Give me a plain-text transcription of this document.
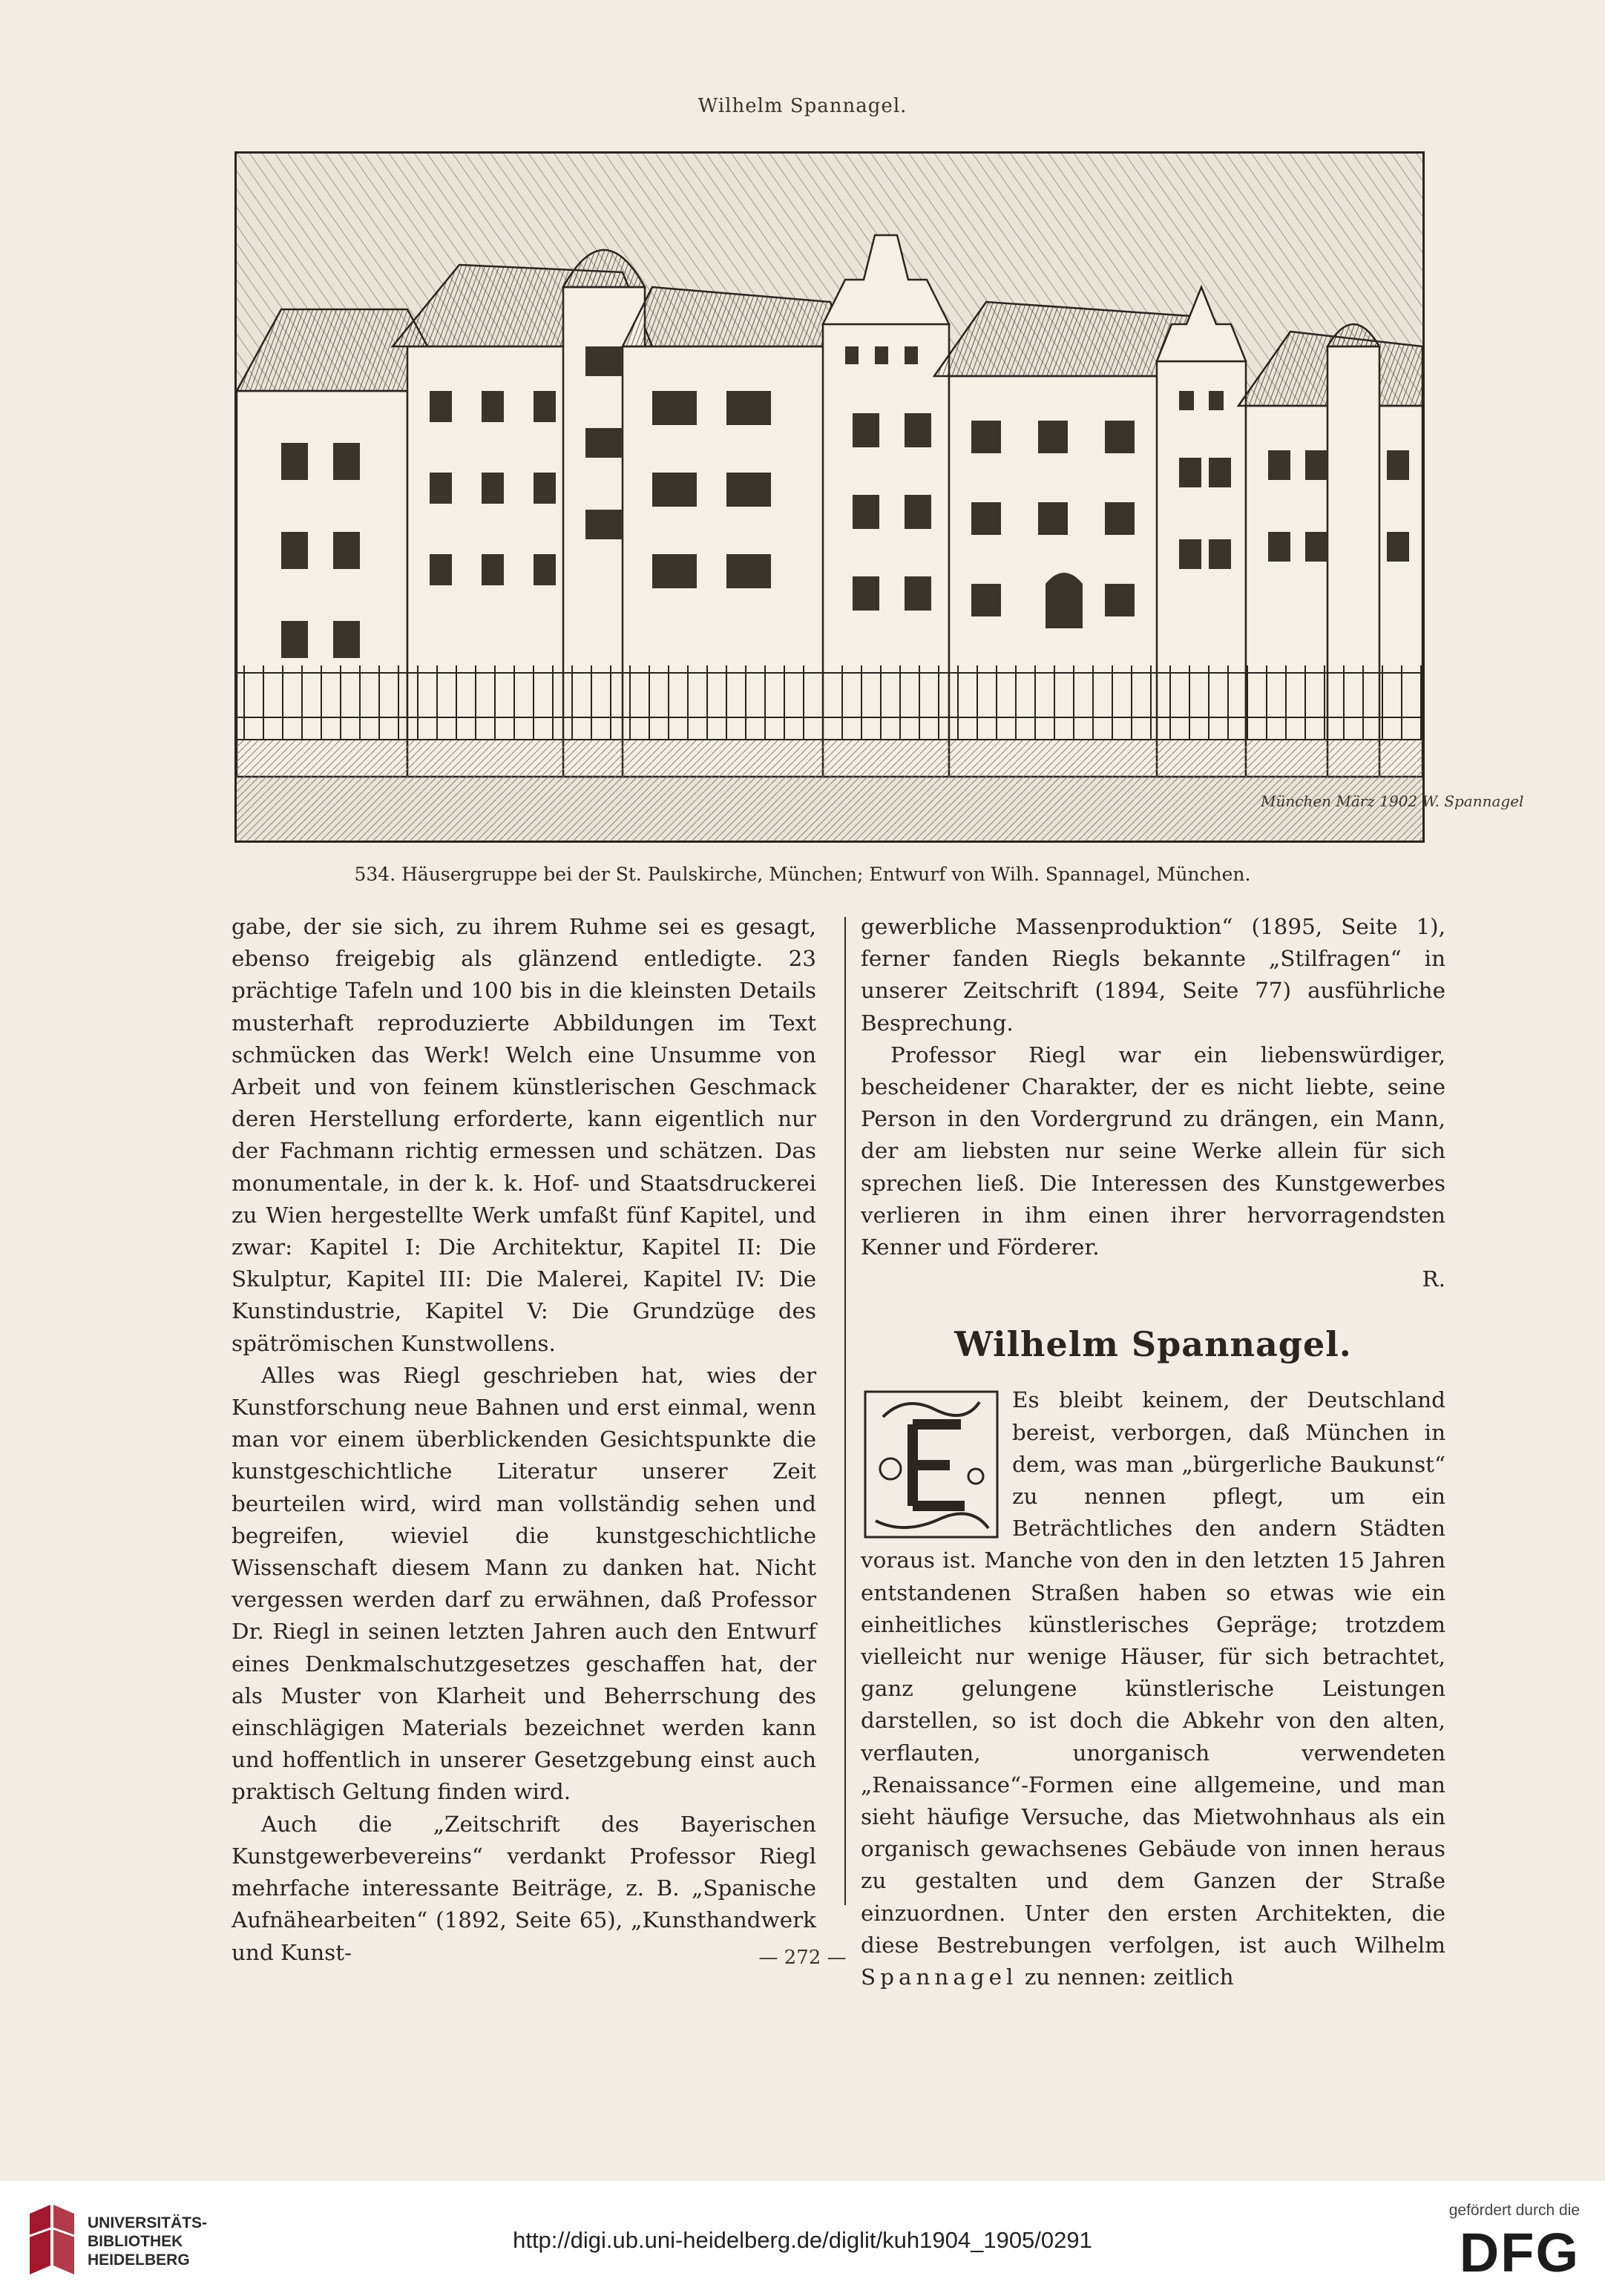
Wilhelm Spannagel.
München März 1902 W. Spannagel
534. Häusergruppe bei der St. Paulskirche, München; Entwurf von Wilh. Spannagel, München.

gabe, der sie sich, zu ihrem Ruhme sei es gesagt, ebenso freigebig als glänzend entledigte. 23 prächtige Tafeln und 100 bis in die kleinsten Details musterhaft reproduzierte Abbildungen im Text schmücken das Werk! Welch eine Unsumme von Arbeit und von feinem künstlerischen Geschmack deren Herstellung erforderte, kann eigentlich nur der Fachmann richtig ermessen und schätzen. Das monumentale, in der k. k. Hof- und Staatsdruckerei zu Wien hergestellte Werk umfaßt fünf Kapitel, und zwar: Kapitel I: Die Architektur, Kapitel II: Die Skulptur, Kapitel III: Die Malerei, Kapitel IV: Die Kunstindustrie, Kapitel V: Die Grundzüge des spätrömischen Kunstwollens.

Alles was Riegl geschrieben hat, wies der Kunstforschung neue Bahnen und erst einmal, wenn man vor einem überblickenden Gesichtspunkte die kunstgeschichtliche Literatur unserer Zeit beurteilen wird, wird man vollständig sehen und begreifen, wieviel die kunstgeschichtliche Wissenschaft diesem Mann zu danken hat. Nicht vergessen werden darf zu erwähnen, daß Professor Dr. Riegl in seinen letzten Jahren auch den Entwurf eines Denkmalschutzgesetzes geschaffen hat, der als Muster von Klarheit und Beherrschung des einschlägigen Materials bezeichnet werden kann und hoffentlich in unserer Gesetzgebung einst auch praktisch Geltung finden wird.

Auch die „Zeitschrift des Bayerischen Kunstgewerbevereins“ verdankt Professor Riegl mehrfache interessante Beiträge, z. B. „Spanische Aufnähearbeiten“ (1892, Seite 65), „Kunsthandwerk und Kunst-

gewerbliche Massenproduktion“ (1895, Seite 1), ferner fanden Riegls bekannte „Stilfragen“ in unserer Zeitschrift (1894, Seite 77) ausführliche Besprechung.

Professor Riegl war ein liebenswürdiger, bescheidener Charakter, der es nicht liebte, seine Person in den Vordergrund zu drängen, ein Mann, der am liebsten nur seine Werke allein für sich sprechen ließ. Die Interessen des Kunstgewerbes verlieren in ihm einen ihrer hervorragendsten Kenner und Förderer.

R.

Wilhelm Spannagel.

Es bleibt keinem, der Deutschland bereist, verborgen, daß München in dem, was man „bürgerliche Baukunst“ zu nennen pflegt, um ein Beträchtliches den andern Städten voraus ist. Manche von den in den letzten 15 Jahren entstandenen Straßen haben so etwas wie ein einheitliches künstlerisches Gepräge; trotzdem vielleicht nur wenige Häuser, für sich betrachtet, ganz gelungene künstlerische Leistungen darstellen, so ist doch die Abkehr von den alten, verflauten, unorganisch verwendeten „Renaissance“-Formen eine allgemeine, und man sieht häufige Versuche, das Mietwohnhaus als ein organisch gewachsenes Gebäude von innen heraus zu gestalten und dem Ganzen der Straße einzuordnen. Unter den ersten Architekten, die diese Bestrebungen verfolgen, ist auch Wilhelm Spannagel zu nennen: zeitlich

— 272 —
UNIVERSITÄTS-
BIBLIOTHEK
HEIDELBERG
http://digi.ub.uni-heidelberg.de/diglit/kuh1904_1905/0291
gefördert durch die
DFG
